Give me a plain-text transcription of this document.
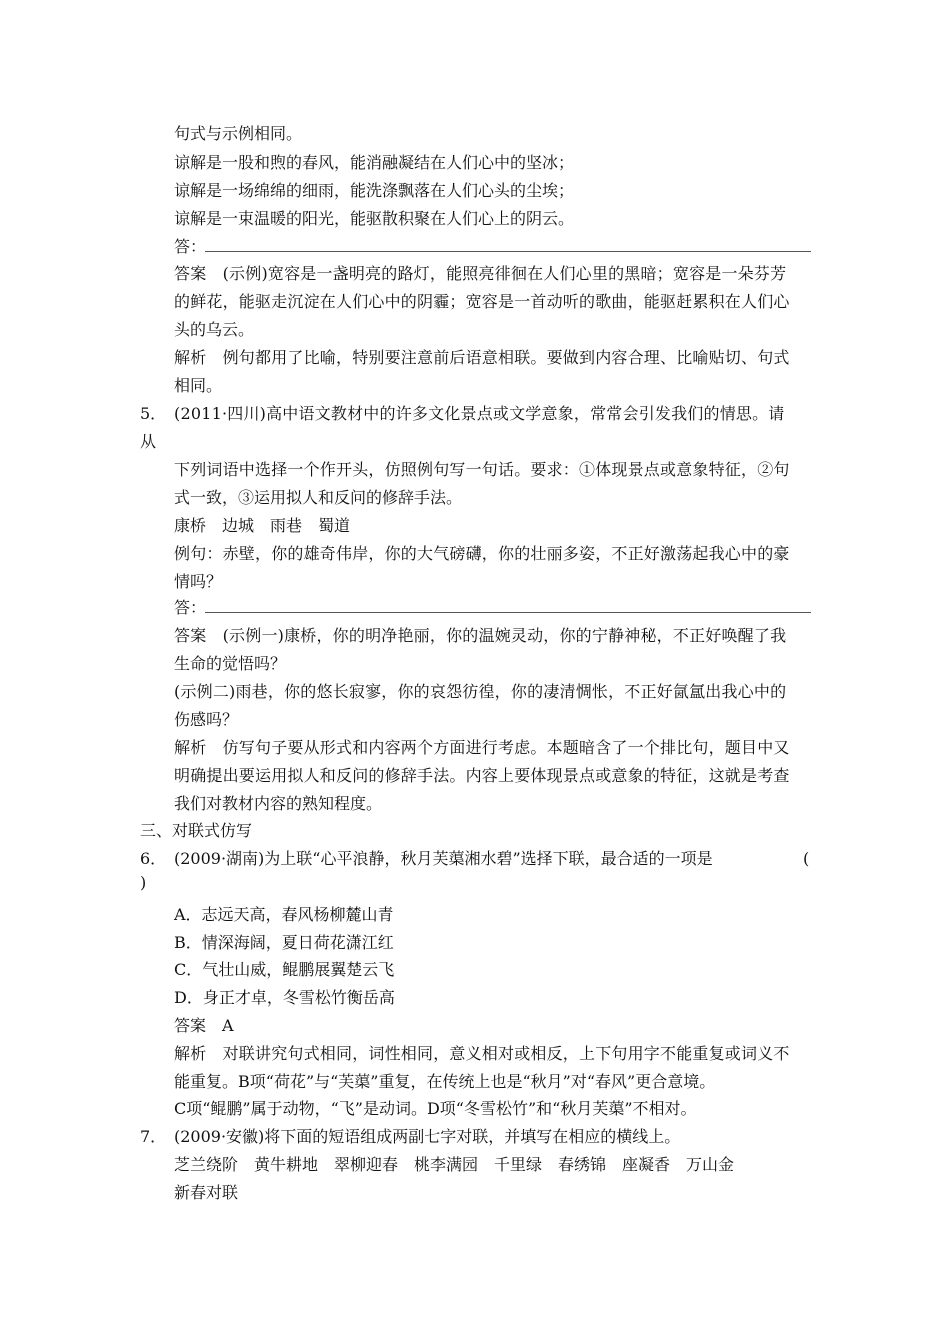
句式与示例相同。
谅解是一股和煦的春风，能消融凝结在人们心中的坚冰；
谅解是一场绵绵的细雨，能洗涤飘落在人们心头的尘埃；
谅解是一束温暖的阳光，能驱散积聚在人们心上的阴云。
答：
答案　(示例)宽容是一盏明亮的路灯，能照亮徘徊在人们心里的黑暗；宽容是一朵芬芳
的鲜花，能驱走沉淀在人们心中的阴霾；宽容是一首动听的歌曲，能驱赶累积在人们心
头的乌云。
解析　例句都用了比喻，特别要注意前后语意相联。要做到内容合理、比喻贴切、句式
相同。
5． (2011·四川)高中语文教材中的许多文化景点或文学意象，常常会引发我们的情思。请
从
下列词语中选择一个作开头，仿照例句写一句话。要求：①体现景点或意象特征，②句
式一致，③运用拟人和反问的修辞手法。
康桥　边城　雨巷　蜀道
例句：赤壁，你的雄奇伟岸，你的大气磅礴，你的壮丽多姿，不正好激荡起我心中的豪
情吗？
答：
答案　(示例一)康桥，你的明净艳丽，你的温婉灵动，你的宁静神秘，不正好唤醒了我
生命的觉悟吗？
(示例二)雨巷，你的悠长寂寥，你的哀怨彷徨，你的凄清惆怅，不正好氤氲出我心中的
伤感吗？
解析　仿写句子要从形式和内容两个方面进行考虑。本题暗含了一个排比句，题目中又
明确提出要运用拟人和反问的修辞手法。内容上要体现景点或意象的特征，这就是考查
我们对教材内容的熟知程度。
三、对联式仿写
6． (2009·湖南)为上联“心平浪静，秋月芙蕖湘水碧”选择下联，最合适的一项是	(
)
A．志远天高，春风杨柳麓山青
B．情深海阔，夏日荷花潇江红
C．气壮山威，鲲鹏展翼楚云飞
D．身正才卓，冬雪松竹衡岳高
答案　A
解析　对联讲究句式相同，词性相同，意义相对或相反，上下句用字不能重复或词义不
能重复。B项“荷花”与“芙蕖”重复，在传统上也是“秋月”对“春风”更合意境。
C项“鲲鹏”属于动物，“飞”是动词。D项“冬雪松竹”和“秋月芙蕖”不相对。
7． (2009·安徽)将下面的短语组成两副七字对联，并填写在相应的横线上。
芝兰绕阶　黄牛耕地　翠柳迎春　桃李满园　千里绿　春绣锦　座凝香　万山金
新春对联
